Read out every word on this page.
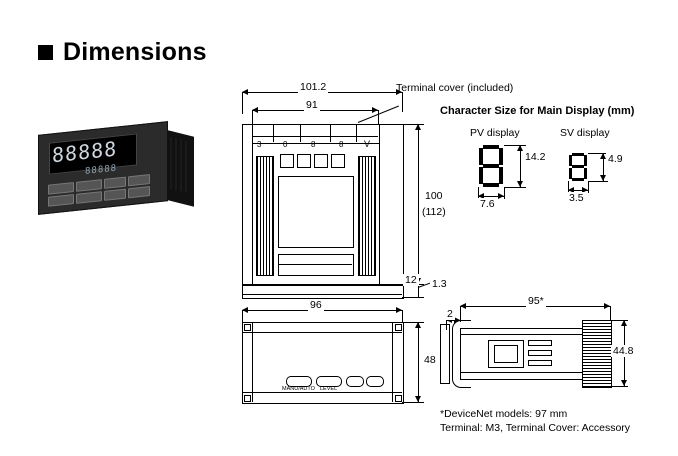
Dimensions
88888
88888
101.2
91
3	0	8	8 V
Terminal cover (included)
100
(112)
12 1.3
Character Size for Main Display (mm)
PV display
14.2
7.6
SV display
4.9
3.5
96
MANU/AUTO LEVEL
48
95*
2
44.8
*DeviceNet models: 97 mm
Terminal: M3, Terminal Cover: Accessory
